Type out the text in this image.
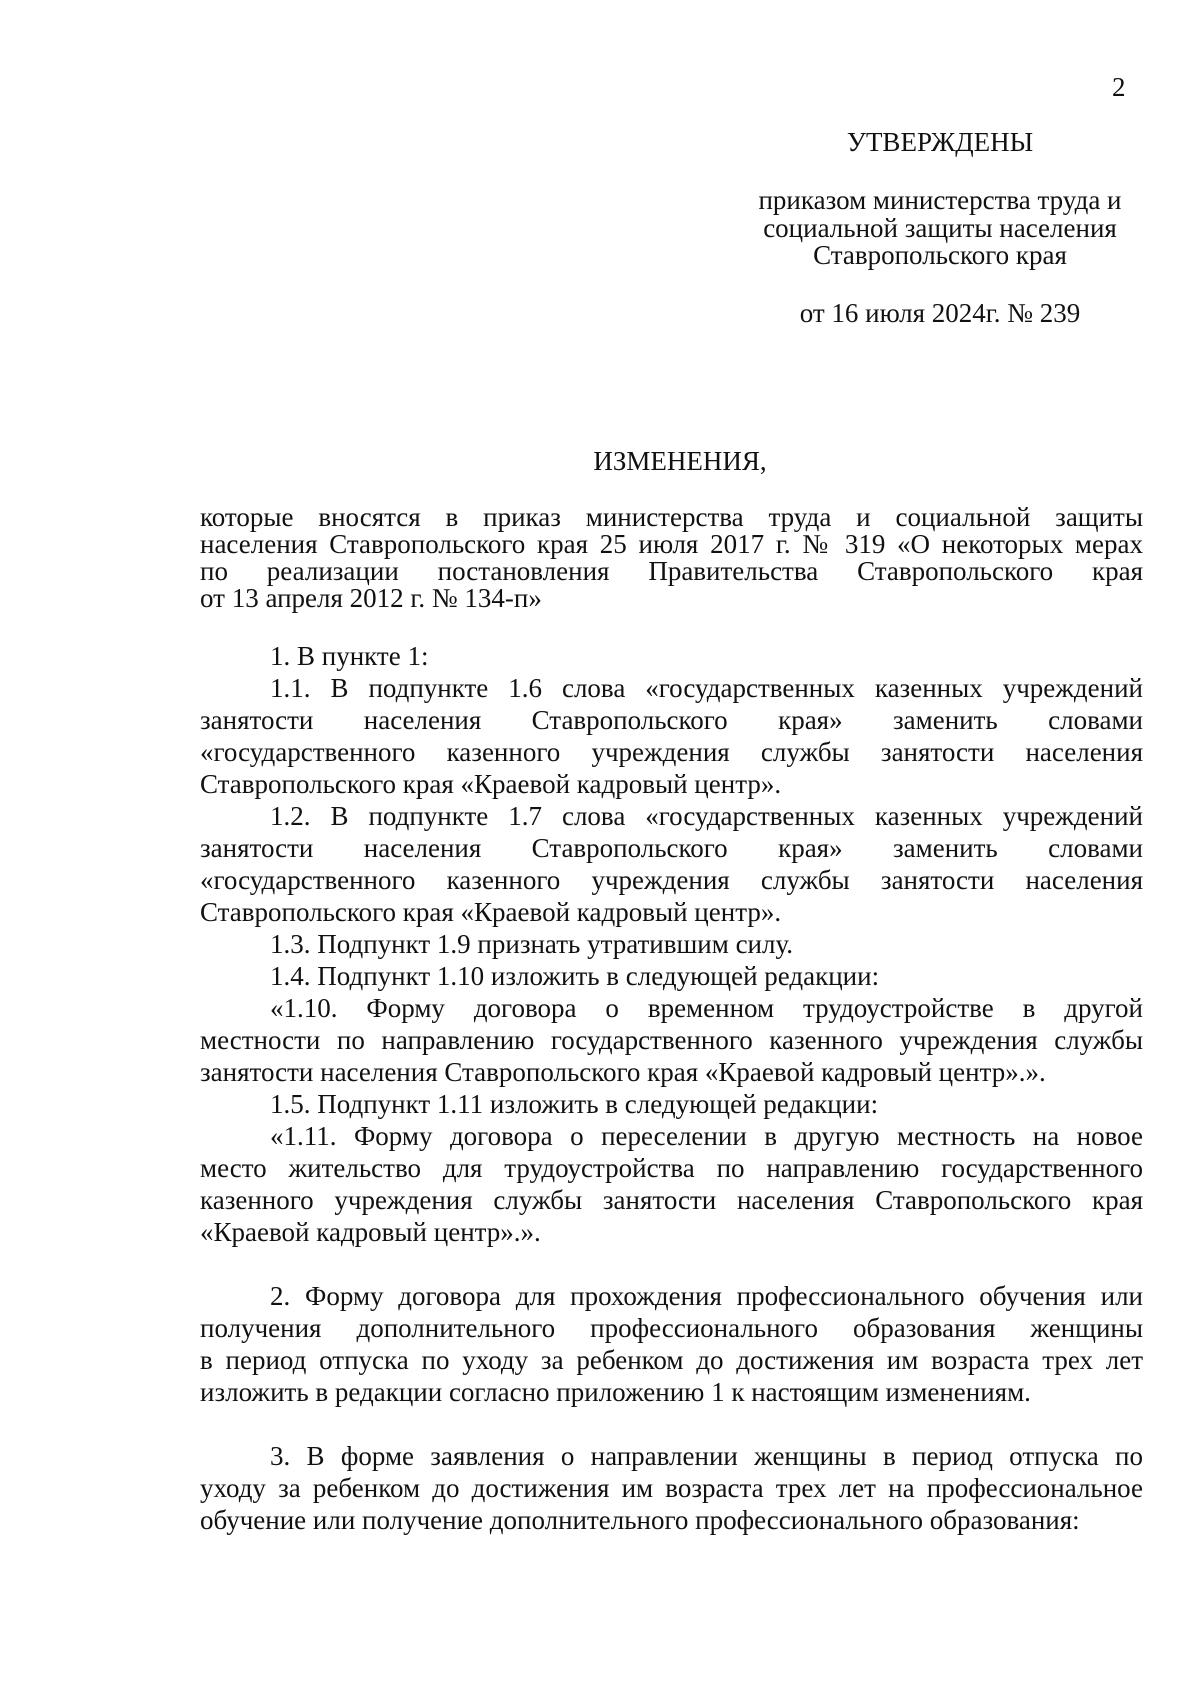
2
УТВЕРЖДЕНЫ
приказом министерства труда и
социальной защиты населения
Ставропольского края
от 16 июля 2024г. № 239
ИЗМЕНЕНИЯ,
которые вносятся в приказ министерства труда и социальной защиты
населения Ставропольского края 25 июля 2017 г. № 319 «О некоторых мерах
по реализации постановления Правительства Ставропольского края
от 13 апреля 2012 г. № 134-п»
1. В пункте 1:
1.1. В подпункте 1.6 слова «государственных казенных учреждений
занятости населения Ставропольского края» заменить словами
«государственного казенного учреждения службы занятости населения
Ставропольского края «Краевой кадровый центр».
1.2. В подпункте 1.7 слова «государственных казенных учреждений
занятости населения Ставропольского края» заменить словами
«государственного казенного учреждения службы занятости населения
Ставропольского края «Краевой кадровый центр».
1.3. Подпункт 1.9 признать утратившим силу.
1.4. Подпункт 1.10 изложить в следующей редакции:
«1.10. Форму договора о временном трудоустройстве в другой
местности по направлению государственного казенного учреждения службы
занятости населения Ставропольского края «Краевой кадровый центр».».
1.5. Подпункт 1.11 изложить в следующей редакции:
«1.11. Форму договора о переселении в другую местность на новое
место жительство для трудоустройства по направлению государственного
казенного учреждения службы занятости населения Ставропольского края
«Краевой кадровый центр».».
2. Форму договора для прохождения профессионального обучения или
получения дополнительного профессионального образования женщины
в период отпуска по уходу за ребенком до достижения им возраста трех лет
изложить в редакции согласно приложению 1 к настоящим изменениям.
3. В форме заявления о направлении женщины в период отпуска по
уходу за ребенком до достижения им возраста трех лет на профессиональное
обучение или получение дополнительного профессионального образования:
